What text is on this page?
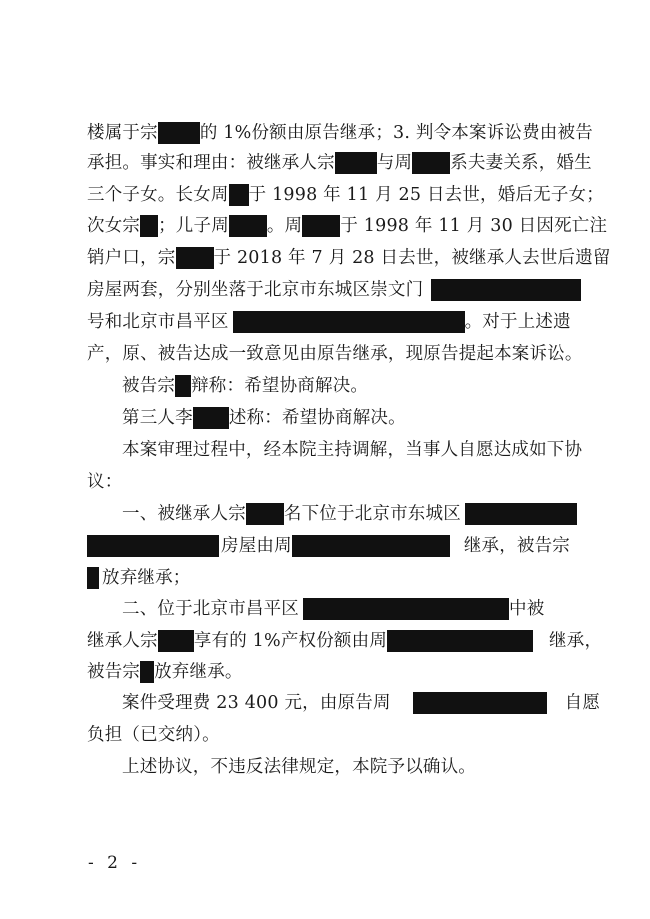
楼属于宗 的 1%份额由原告继承；3. 判令本案诉讼费由被告
承担。事实和理由：被继承人宗 与周 系夫妻关系，婚生
三个子女。长女周 于 1998 年 11 月 25 日去世，婚后无子女；
次女宗 ；儿子周 。周 于 1998 年 11 月 30 日因死亡注
销户口，宗 于 2018 年 7 月 28 日去世，被继承人去世后遗留
房屋两套，分别坐落于北京市东城区崇文门
号和北京市昌平区	。对于上述遗
产，原、被告达成一致意见由原告继承，现原告提起本案诉讼。
被告宗 辩称：希望协商解决。
第三人李 述称：希望协商解决。
本案审理过程中，经本院主持调解，当事人自愿达成如下协
议：
一、被继承人宗 名下位于北京市东城区
房屋由周	继承，被告宗
放弃继承；
二、位于北京市昌平区	中被
继承人宗 享有的 1%产权份额由周	继承，
被告宗 放弃继承。
案件受理费 23 400 元，由原告周	自愿
负担（已交纳）。
上述协议，不违反法律规定，本院予以确认。
- 2 -
